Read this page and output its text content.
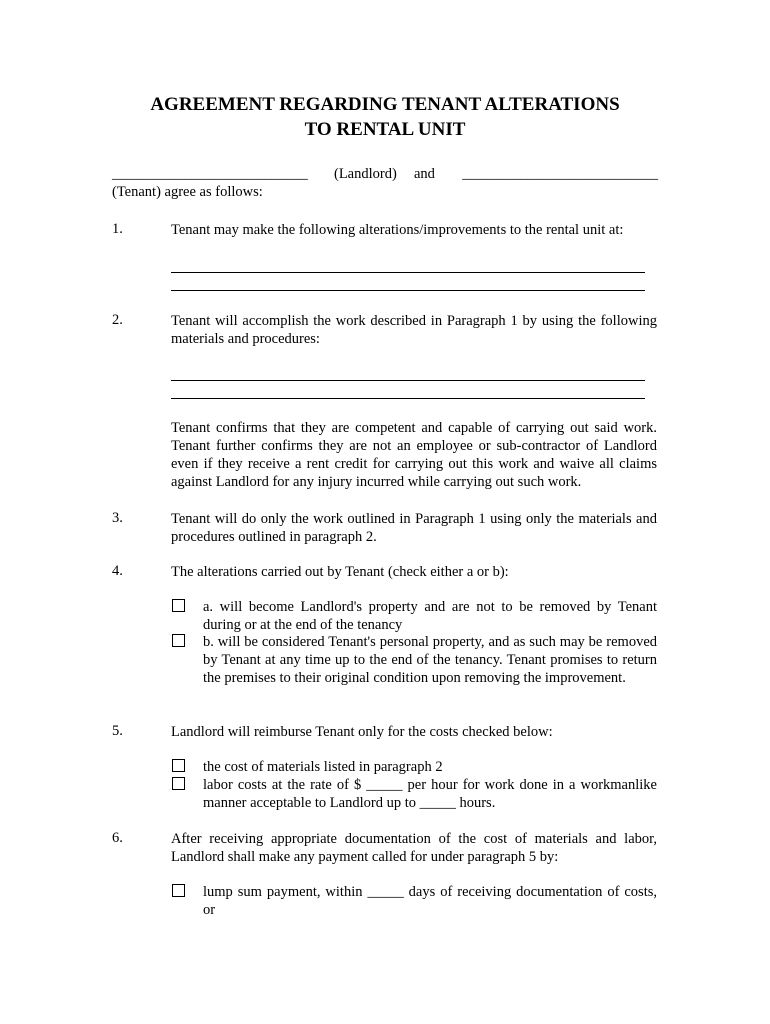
AGREEMENT REGARDING TENANT ALTERATIONS
TO RENTAL UNIT
___________________________ (Landlord) and ___________________________
(Tenant) agree as follows:
1.	Tenant may make the following alterations/improvements to the rental unit at:

2.	Tenant will accomplish the work described in Paragraph 1 by using the following materials and procedures:

Tenant confirms that they are competent and capable of carrying out said work. Tenant further confirms they are not an employee or sub-contractor of Landlord even if they receive a rent credit for carrying out this work and waive all claims against Landlord for any injury incurred while carrying out such work.

3.	Tenant will do only the work outlined in Paragraph 1 using only the materials and procedures outlined in paragraph 2.

4.	The alterations carried out by Tenant (check either a or b):

a. will become Landlord's property and are not to be removed by Tenant during or at the end of the tenancy

b. will be considered Tenant's personal property, and as such may be removed by Tenant at any time up to the end of the tenancy. Tenant promises to return the premises to their original condition upon removing the improvement.

5.	Landlord will reimburse Tenant only for the costs checked below:

the cost of materials listed in paragraph 2

labor costs at the rate of $ _____ per hour for work done in a workmanlike manner acceptable to Landlord up to _____ hours.

6.	After receiving appropriate documentation of the cost of materials and labor, Landlord shall make any payment called for under paragraph 5 by:

lump sum payment, within _____ days of receiving documentation of costs, or
